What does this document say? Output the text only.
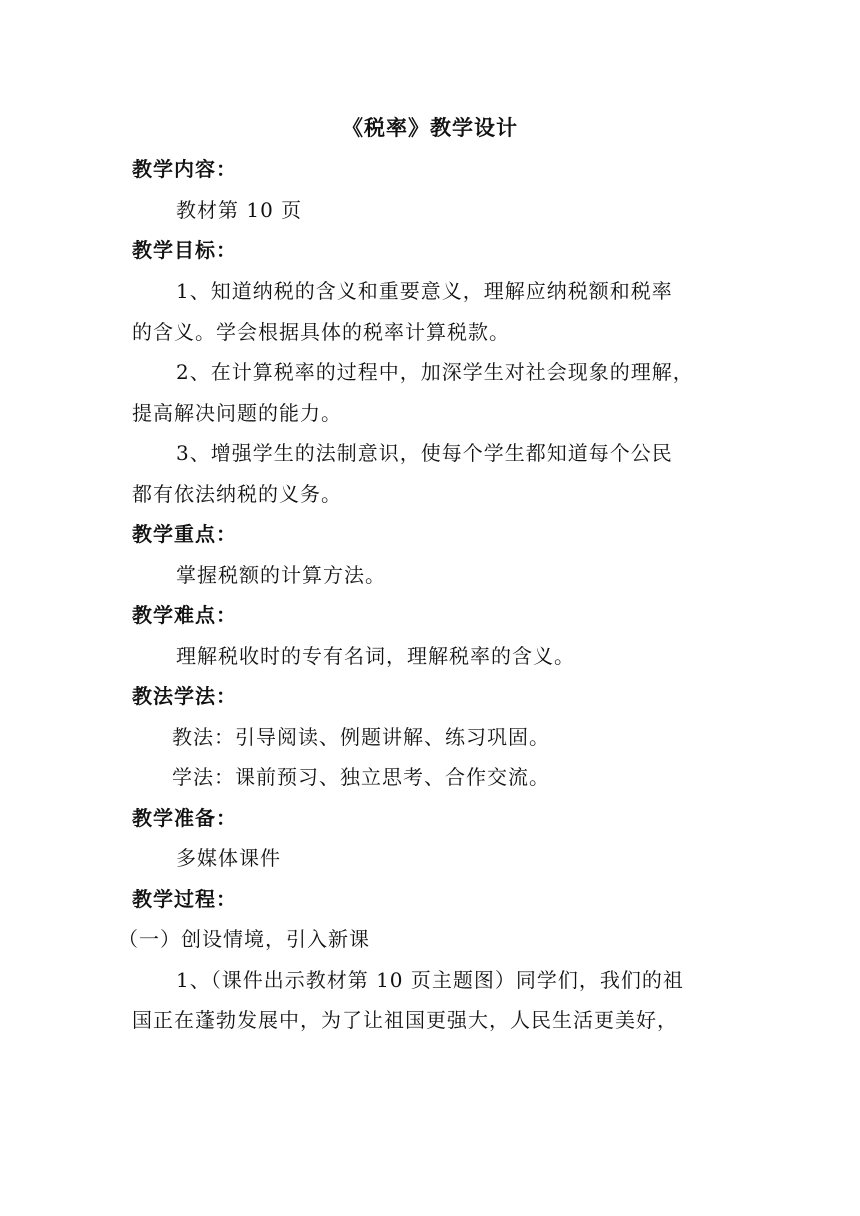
《税率》教学设计
教学内容：
教材第 10 页
教学目标：
1、知道纳税的含义和重要意义，理解应纳税额和税率
的含义。学会根据具体的税率计算税款。
2、在计算税率的过程中，加深学生对社会现象的理解，
提高解决问题的能力。
3、增强学生的法制意识，使每个学生都知道每个公民
都有依法纳税的义务。
教学重点：
掌握税额的计算方法。
教学难点：
理解税收时的专有名词，理解税率的含义。
教法学法：
教法：引导阅读、例题讲解、练习巩固。
学法：课前预习、独立思考、合作交流。
教学准备：
多媒体课件
教学过程：
（一）创设情境，引入新课
1、（课件出示教材第 10 页主题图）同学们，我们的祖
国正在蓬勃发展中，为了让祖国更强大，人民生活更美好，
